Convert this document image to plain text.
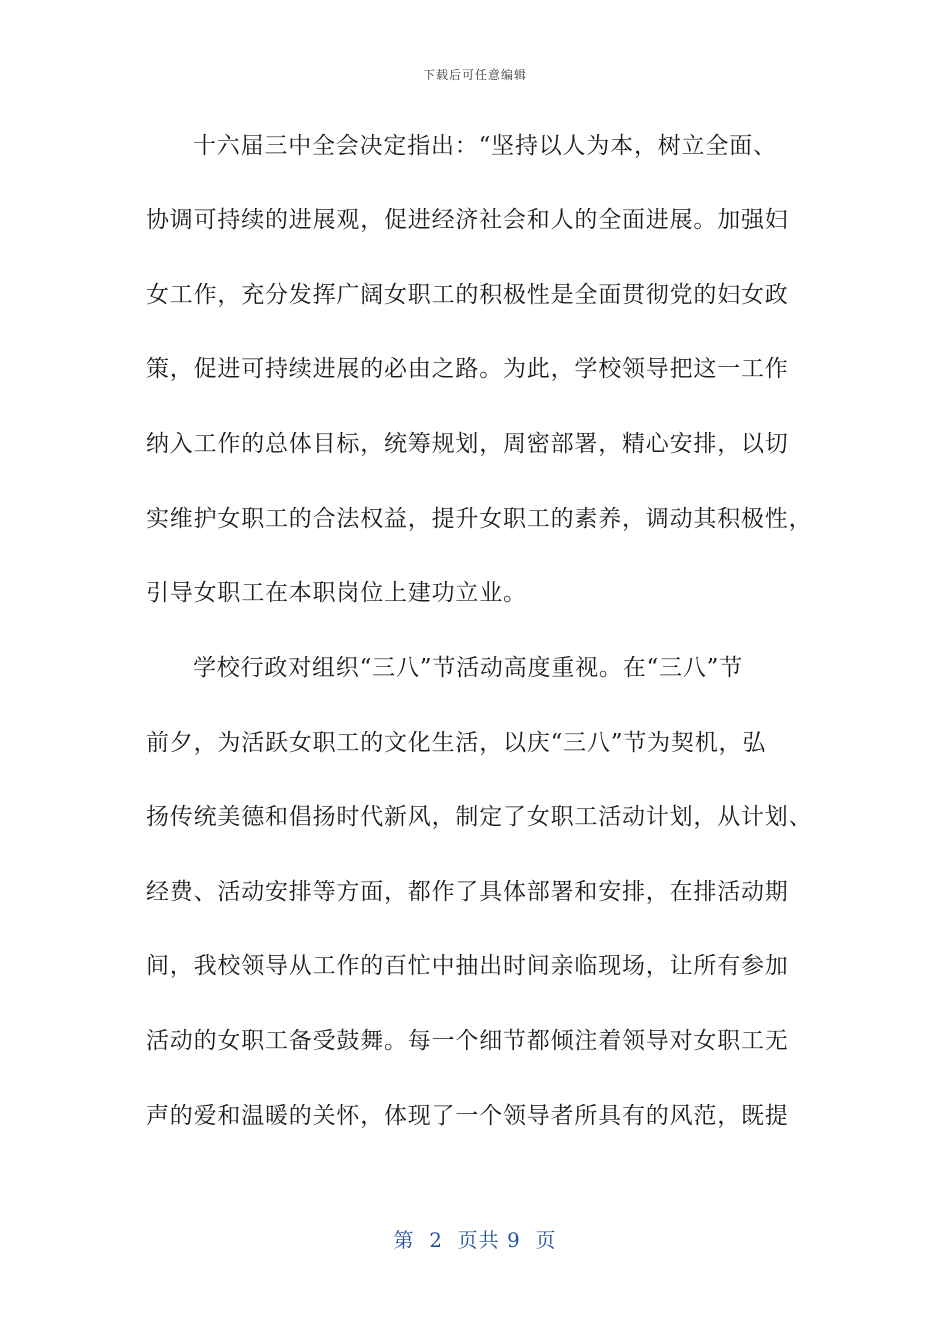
下载后可任意编辑
十六届三中全会决定指出：“坚持以人为本，树立全面、
协调可持续的进展观，促进经济社会和人的全面进展。加强妇
女工作，充分发挥广阔女职工的积极性是全面贯彻党的妇女政
策，促进可持续进展的必由之路。为此，学校领导把这一工作
纳入工作的总体目标，统筹规划，周密部署，精心安排，以切
实维护女职工的合法权益，提升女职工的素养，调动其积极性，
引导女职工在本职岗位上建功立业。
学校行政对组织“三八”节活动高度重视。在“三八”节
前夕，为活跃女职工的文化生活，以庆“三八”节为契机，弘
扬传统美德和倡扬时代新风，制定了女职工活动计划，从计划、
经费、活动安排等方面，都作了具体部署和安排，在排活动期
间，我校领导从工作的百忙中抽出时间亲临现场，让所有参加
活动的女职工备受鼓舞。每一个细节都倾注着领导对女职工无
声的爱和温暖的关怀，体现了一个领导者所具有的风范，既提
第  2  页共 9  页
